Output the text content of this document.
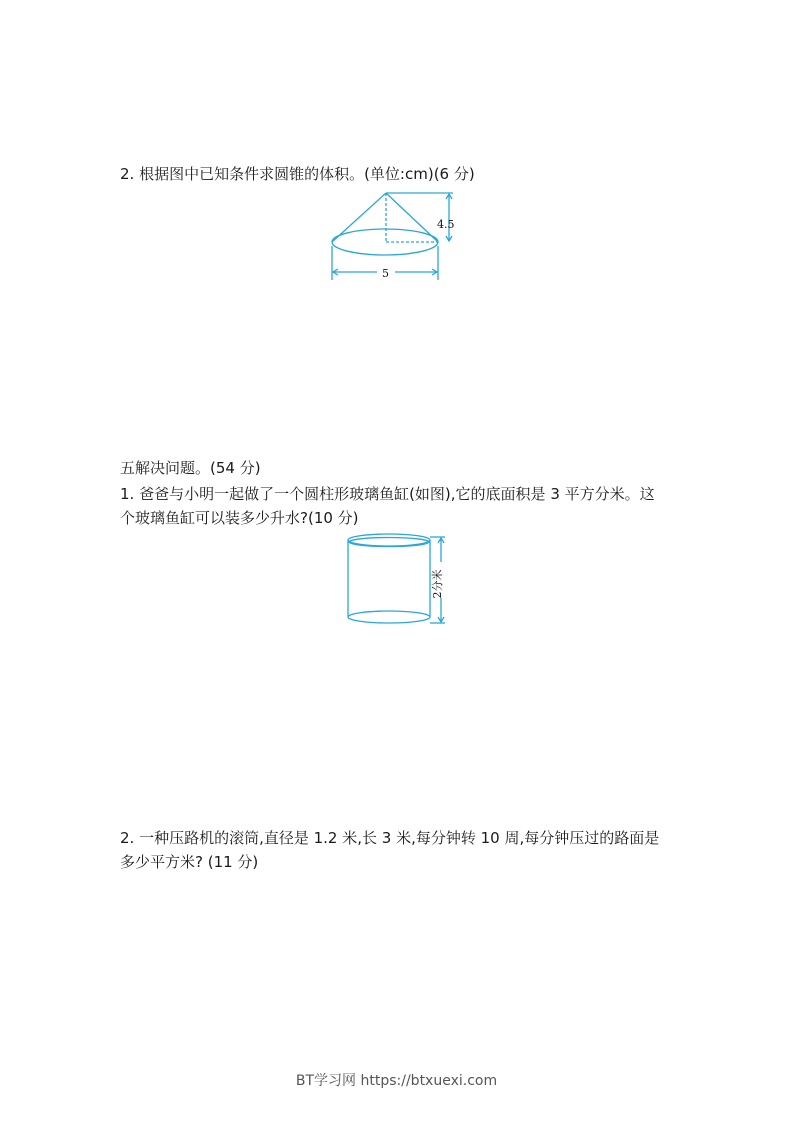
2. 根据图中已知条件求圆锥的体积。(单位:cm)(6 分)
4.5
5
五解决问题。(54 分)
1. 爸爸与小明一起做了一个圆柱形玻璃鱼缸(如图),它的底面积是 3 平方分米。这
个玻璃鱼缸可以装多少升水?(10 分)
2分米
2. 一种压路机的滚筒,直径是 1.2 米,长 3 米,每分钟转 10 周,每分钟压过的路面是
多少平方米? (11 分)
BT学习网 https://btxuexi.com
